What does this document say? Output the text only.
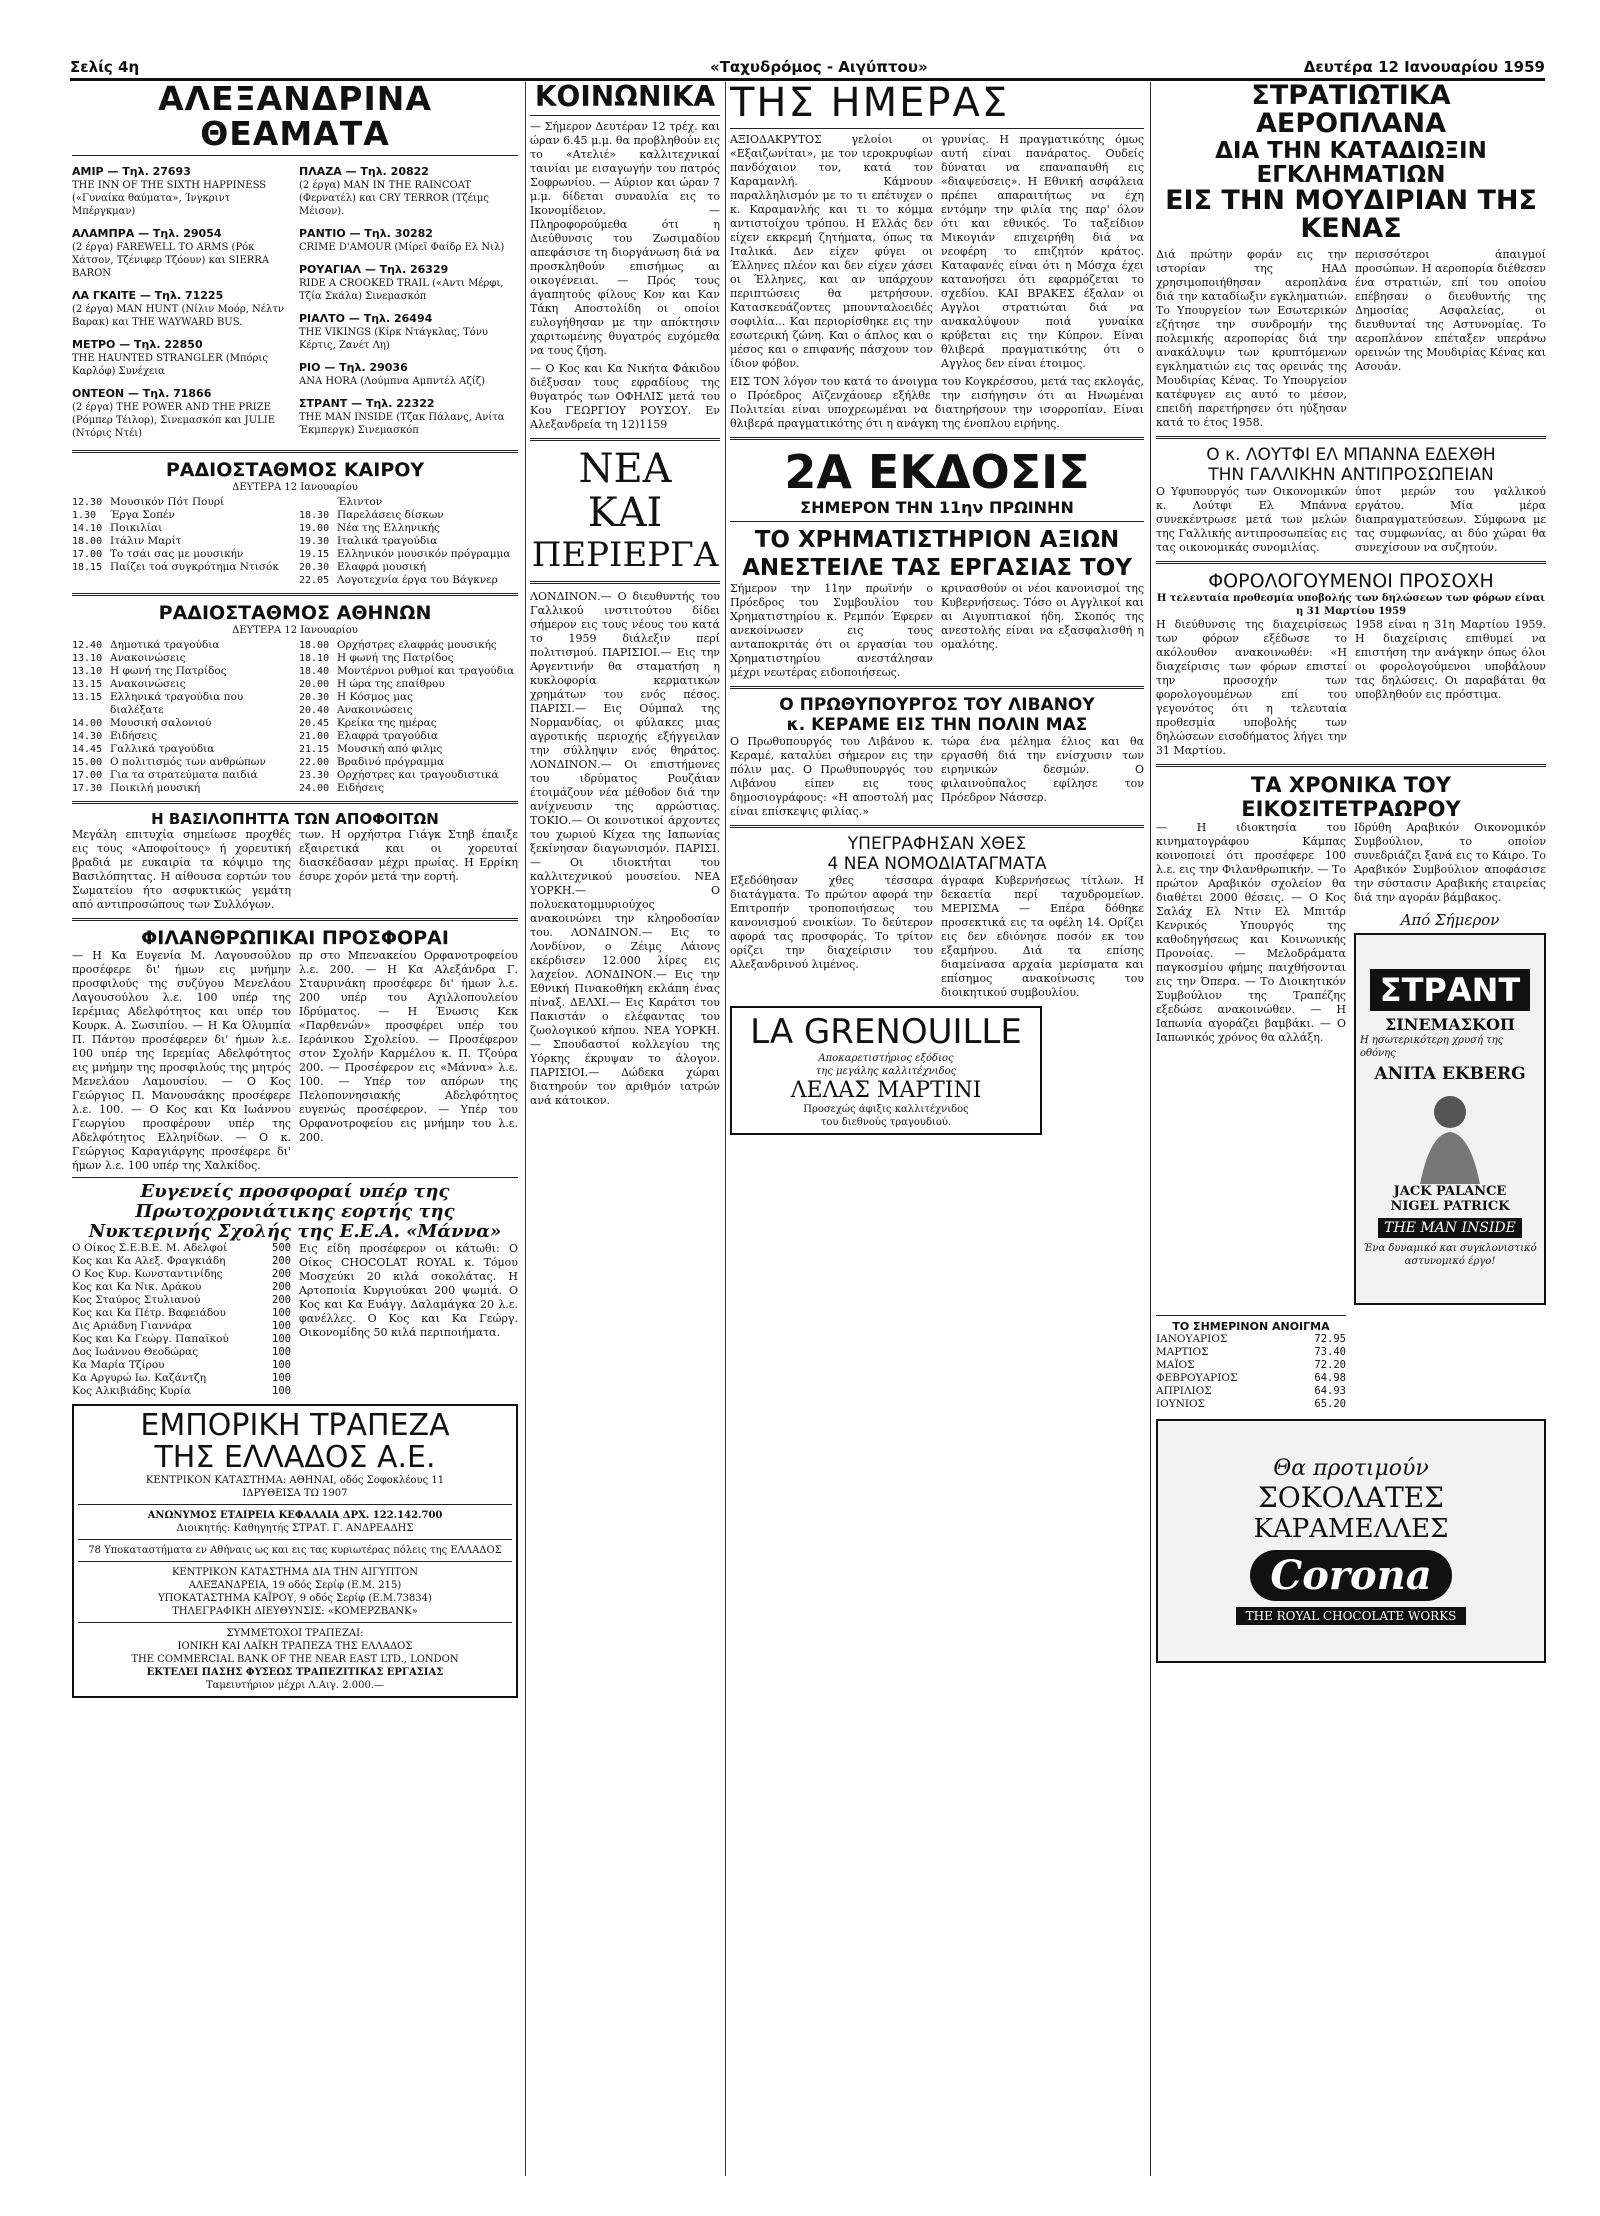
Σελίς 4η	«Ταχυδρόμος - Αιγύπτου»	Δευτέρα 12 Ιανουαρίου 1959
ΑΛΕΞΑΝΔΡΙΝΑ ΘΕΑΜΑΤΑ
ΑΜΙΡ — Τηλ. 27693
THE INN OF THE SIXTH HAPPINESS («Γυναίκα θαύματα», Ίνγκριντ Μπέργκμαν)
ΑΛΑΜΠΡΑ — Τηλ. 29054
(2 έργα) FAREWELL TO ARMS (Ρόκ Χάτσον, Τζένιφερ Τζόουν) και SIERRA BARON
ΛΑ ΓΚΑΙΤΕ — Τηλ. 71225
(2 έργα) MAN HUNT (Νίλιν Μοόρ, Νέλτν Βαρακ) και THE WAYWARD BUS.
ΜΕΤΡΟ — Τηλ. 22850
THE HAUNTED STRANGLER (Μπόρις Καρλόφ) Συνέχεια
ΟΝΤΕΟΝ — Τηλ. 71866
(2 έργα) THE POWER AND THE PRIZE (Ρόμπερ Τέιλορ), Σινεμασκόπ και JULIE (Ντόρις Ντέι)
ΠΛΑΖΑ — Τηλ. 20822
(2 έργα) MAN IN THE RAINCOAT (Φερνατέλ) και CRY TERROR (Τζέιμς Μέισον).
ΡΑΝΤΙΟ — Τηλ. 30282
CRIME D'AMOUR (Μίρεϊ Φαίδρ Ελ Νιλ)
ΡΟΥΑΓΙΑΛ — Τηλ. 26329
RIDE A CROOKED TRAIL («Αντι Μέρφι, Τζία Σκάλα) Σινεμασκόπ
ΡΙΑΛΤΟ — Τηλ. 26494
THE VIKINGS (Κίρκ Ντάγκλας, Τόνυ Κέρτις, Ζανέτ Λη)
ΡΙΟ — Τηλ. 29036
ANA HORA (Λούμπνα Αμπντέλ Αζίζ)
ΣΤΡΑΝΤ — Τηλ. 22322
THE MAN INSIDE (Τζακ Πάλανς, Ανίτα Έκμπεργκ) Σινεμασκόπ
ΡΑΔΙΟΣΤΑΘΜΟΣ ΚΑΙΡΟΥ
ΔΕΥΤΕΡΑ 12 Ιανουαρίου
12.30 Μουσικόν Πότ Πουρί
1.30	Έργα Σοπέν
14.10 Ποικιλίαι
18.00 Ιτάλιν Μαρίτ
17.00 Το τσάι σας με μουσικήν
18.15 Παίζει τοά συγκρότημα Ντισόκ
Έλιντον
18.30 Παρελάσεις δίσκων
19.00 Νέα της Ελληνικής
19.30 Ιταλικά τραγούδια
19.15 Ελληνικόν μουσικόν πρόγραμμα
20.30 Ελαφρά μουσική
22.05 Λογοτεχνία έργα του Βάγκνερ
ΡΑΔΙΟΣΤΑΘΜΟΣ ΑΘΗΝΩΝ
ΔΕΥΤΕΡΑ 12 Ιανουαρίου
12.40 Δημοτικά τραγούδια
13.10 Ανακοινώσεις
13.10 Η φωνή της Πατρίδος
13.15 Ανακοινώσεις
13.15 Ελληνικά τραγούδια που διαλέξατε
14.00 Μουσική σαλονιού
14.30 Ειδήσεις
14.45 Γαλλικά τραγούδια
15.00 Ο πολιτισμός των ανθρώπων
17.00 Για τα στρατεύματα παιδιά
17.30 Ποικιλή μουσική
18.00 Ορχήστρες ελαφράς μουσικής
18.10 Η φωνή της Πατρίδος
18.40 Μοντέρνοι ρυθμοί και τραγούδια
20.00 Η ώρα της επαίθρου
20.30 Η Κόσμος μας
20.40 Ανακοινώσεις
20.45 Κρείκα της ημέρας
21.00 Ελαφρά τραγούδια
21.15 Μουσική από φιλμς
22.00 Βραδινό πρόγραμμα
23.30 Ορχήστρες και τραγουδιστικά
24.00 Ειδήσεις
Η ΒΑΣΙΛΟΠΗΤΤΑ ΤΩΝ ΑΠΟΦΟΙΤΩΝ

Μεγάλη επιτυχία σημείωσε προχθές εις τους «Αποφοίτους» ή χορευτική βραδιά με ευκαιρία τα κόψιμο της Βασιλόπηττας. Η αίθουσα εορτών του Σωματείου ήτο ασφυκτικώς γεμάτη από αντιπροσώπους των Συλλόγων.

των. Η ορχήστρα Γιάγκ Στηβ έπαιξε εξαιρετικά και οι χορευταί διασκέδασαν μέχρι πρωίας. Η Ερρίκη έσυρε χορόν μετά την εορτή.

ΦΙΛΑΝΘΡΩΠΙΚΑΙ ΠΡΟΣΦΟΡΑΙ

— Η Κα Ευγενία Μ. Λαγουσούλου προσέφερε δι' ήμων εις μνήμην προσφιλούς της συζύγου Μενελάου Λαγουσούλου λ.ε. 100 υπέρ της Ιερέμιας Αδελφότητος και υπέρ του Κουρκ. Α. Σωσιπίου. — Η Κα Όλυμπία Π. Πάντου προσέφερεν δι' ήμων λ.ε. 100 υπέρ της Ιερεμίας Αδελφότητος εις μνήμην της προσφιλούς της μητρός Μενελάου Λαμουσίου. — Ο Κος Γεώργιος Π. Μανουσάκης προσέφερε λ.ε. 100. — Ο Κος και Κα Ιωάννου Γεωργίου προσφέρουν υπέρ της Αδελφότητος Ελληνίδων. — Ο κ. Γεώργιος Καραγιάργης προσέφερε δι' ήμων λ.ε. 100 υπέρ της Χαλκίδος.

πρ στο Μπενακείου Ορφανοτροφείου λ.ε. 200. — Η Κα Αλεξάνδρα Γ. Σταυρινάκη προσέφερε δι' ήμων λ.ε. 200 υπέρ του Αχιλλοπουλείου Ιδρύματος. — Η Ένωσις Κεκ «Παρθενών» προσφέρει υπέρ του Ιεράνικου Σχολείου. — Προσέφερον στον Σχολήν Καρμέλου κ. Π. Τζούρα 200. — Προσέφερον εις «Μάννα» λ.ε. 100. — Υπέρ τον απόρων της Πελοποννησιακής Αδελφότητος ευγενώς προσέφερον. — Υπέρ του Ορφανοτροφείου εις μνήμην του λ.ε. 200.

Ευγενείς προσφοραί υπέρ της Πρωτοχρονιάτικης εορτής της Νυκτερινής Σχολής της Ε.Ε.Α. «Μάννα»
Ο Οίκος Σ.Ε.Β.Ε. Μ. Αδελφοί	500
Κος και Κα Αλεξ. Φραγκιάδη	200
Ο Κος Κυρ. Κωνσταντινίδης	200
Κος και Κα Νικ. Δράκου	200
Κος Σταύρος Στυλιανού	200
Κος και Κα Πέτρ. Βαφειάδου	100
Δις Αριάδνη Γιαννάρα	100
Κος και Κα Γεώργ. Παπαϊκού	100
Δος Ιωάννου Θεοδώρας	100
Κα Μαρία Τζίρου	100
Κα Αργυρώ Ιω. Καζάντζη	100
Κος Αλκιβιάδης Κυρία	100

Εις είδη προσέφερον οι κάτωθι: Ο Οίκος CHOCOLAT ROYAL κ. Τόμου Μοσχεύκι 20 κιλά σοκολάτας. Η Αρτοποιία Κυργιούκαι 200 ψωμιά. Ο Κος και Κα Ευάγγ. Δαλαμάγκα 20 λ.ε. φανέλλες. Ο Κος και Κα Γεώργ. Οικονομίδης 50 κιλά περιποιήματα.

ΕΜΠΟΡΙΚΗ ΤΡΑΠΕΖΑ
ΤΗΣ ΕΛΛΑΔΟΣ Α.Ε.
ΚΕΝΤΡΙΚΟΝ ΚΑΤΑΣΤΗΜΑ: ΑΘΗΝΑΙ, οδός Σοφοκλέους 11
ΙΔΡΥΘΕΙΣΑ ΤΩ 1907
ΑΝΩΝΥΜΟΣ ΕΤΑΙΡΕΙΑ ΚΕΦΑΛΑΙΑ ΔΡΧ. 122.142.700
Διοικητής: Καθηγητής ΣΤΡΑΤ. Γ. ΑΝΔΡΕΑΔΗΣ
78 Υποκαταστήματα εν Αθήναις ως και εις τας κυριωτέρας πόλεις της ΕΛΛΑΔΟΣ
ΚΕΝΤΡΙΚΟΝ ΚΑΤΑΣΤΗΜΑ ΔΙΑ ΤΗΝ ΑΙΓΥΠΤΟΝ
ΑΛΕΞΑΝΔΡΕΙΑ, 19 οδός Σερίφ (Ε.Μ. 215)
ΥΠΟΚΑΤΑΣΤΗΜΑ ΚΑΪΡΟΥ, 9 οδός Σερίφ (Ε.Μ.73834)
ΤΗΛΕΓΡΑΦΙΚΗ ΔΙΕΥΘΥΝΣΙΣ: «ΚΟΜΕΡΖΒΑΝΚ»
ΣΥΜΜΕΤΟΧΟΙ ΤΡΑΠΕΖΑΙ:
ΙΟΝΙΚΗ ΚΑΙ ΛΑΪΚΗ ΤΡΑΠΕΖΑ ΤΗΣ ΕΛΛΑΔΟΣ
THE COMMERCIAL BANK OF THE NEAR EAST LTD., LONDON
ΕΚΤΕΛΕΙ ΠΑΣΗΣ ΦΥΣΕΩΣ ΤΡΑΠΕΖΙΤΙΚΑΣ ΕΡΓΑΣΙΑΣ
Ταμειυτήριον μέχρι Λ.Αιγ. 2.000.—
ΚΟΙΝΩΝΙΚΑ

— Σήμερον Δευτέραν 12 τρέχ. και ώραν 6.45 μ.μ. θα προβληθούν εις το «Ατελιέ» καλλιτεχνικαί ταινίαι με εισαγωγήν του πατρός Σοφρωνίου. — Αύριον και ώραν 7 μ.μ. δίδεται συναυλία εις το Ικονομίδειον. — Πληροφορούμεθα ότι η Διεύθυνσις του Ζωσιμαδίου απεφάσισε τη διοργάνωση διά να προσκληθούν επισήμως αι οικογένειαι. — Πρός τους άγαπητούς φίλους Κον και Καν Τάκη Αποστολίδη οι οποίοι ευλογήθησαν με την απόκτησιν χαριτωμένης θυγατρός ευχόμεθα να τους ζήση.

— Ο Κος και Κα Νικήτα Φάκιδου διέξυσαν τους εφραδίους της θυγατρός των ΟΦΗΛΙΣ μετά του Κου ΓΕΩΡΓΙΟΥ ΡΟΥΣΟΥ. Εν Αλεξανδρεία τη 12)1159

ΝΕΑ
ΚΑΙ
ΠΕΡΙΕΡΓΑ

ΛΟΝΔΙΝΟΝ.— Ο διευθυντής του Γαλλικού ινστιτούτου δίδει σήμερον εις τους νέους του κατά το 1959 διάλεξιν περί πολιτισμού. ΠΑΡΙΣΙΟΙ.— Εις την Αργεντινήν θα σταματήση η κυκλοφορία κερματικών χρημάτων του ενός πέσος. ΠΑΡΙΣΙ.— Εις Ούμπαλ της Νορμανδίας, οι φύλακες μιας αγροτικής περιοχής εξήγγειλαν την σύλληψιν ενός θηράτος. ΛΟΝΔΙΝΟΝ.— Οι επιστήμονες του ιδρύματος Ρουζάιαν έτοιμάζουν νέα μέθοδον διά την ανίχνευσιν της αρρώστιας. ΤΟΚΙΟ.— Οι κοινοτικοί άρχοντες του χωριού Κίχεα της Ιαπωνίας ξεκίνησαν διαγωνισμόν. ΠΑΡΙΣΙ.— Οι ιδιοκτήται του καλλιτεχνικού μουσείου. ΝΕΑ ΥΟΡΚΗ.— Ο πολυεκατομμυριούχος ανακοινώνει την κληροδοσίαν του. ΛΟΝΔΙΝΟΝ.— Εις το Λονδίνον, ο Ζέιμς Λάιονς εκέρδισεν 12.000 λίρες εις λαχείον. ΛΟΝΔΙΝΟΝ.— Εις την Εθνική Πινακοθήκη εκλάπη ένας πίναξ. ΔΕΛΧΙ.— Εις Καράτσι του Πακιστάν ο ελέφαντας του ζωολογικού κήπου. ΝΕΑ ΥΟΡΚΗ.— Σπουδαστοί κολλεγίου της Υόρκης έκρυψαν το άλογον. ΠΑΡΙΣΙΟΙ.— Δώδεκα χώραι διατηρούν τον αριθμόν ιατρών ανά κάτοικον.

ΤΗΣ ΗΜΕΡΑΣ

ΑΞΙΟΔΑΚΡΥΤΟΣ γελοίοι οι «Εξαιζωνίται», με τον ιεροκρυφίων πανδόχαιον τον, κατά τον Καραμανλή. Κάμνουν παραλληλισμόν με το τι επέτυχεν ο κ. Καραμανλής και τι το κόμμα αντιστοίχου τρόπου. Η Ελλάς δεν είχεν εκκρεμή ζητήματα, όπως τα Ιταλικά. Δεν είχεν φύγει οι Έλληνες πλέον και δεν είχεν χάσει οι Έλληνες, και αν υπάρχουν περιπτώσεις θα μετρήσουν. Κατασκευάζοντες μπουνταλοειδές σοφιλία... Και περιορίσθηκε εις την εσωτερική ζώνη. Και ο άπλος και ο μέσος και ο επιφανής πάσχουν τον ίδιον φόβον.

γρυνίας. Η πραγματικότης όμως αυτή είναι πανάρατος. Ουδείς δύναται να επαναπαυθή εις «διαψεύσεις». Η Εθνική ασφάλεια πρέπει απαραιτήτως να έχη εντόμην την φιλία της παρ' όλον ότι και εθνικός. Το ταξείδιον Μικογιάν επιχειρήθη διά να νεοφέρη το επιζητόν κράτος. Καταφανές είναι ότι η Μόσχα έχει κατανοήσει ότι εφαρμόζεται το σχεδίου. ΚΑΙ ΒΡΑΚΕΣ έξαλαν οι Αγγλοι στρατιώται διά να ανακαλύψουν ποιά γυναίκα κρύβεται εις την Κύπρον. Είναι θλιβερά πραγματικότης ότι ο Αγγλος δεν είναι έτοιμος.

ΕΙΣ ΤΟΝ λόγον του κατά το άνοιγμα του Κογκρέσσου, μετά τας εκλογάς, ο Πρόεδρος Αϊζενχάουερ εξήλθε την εισήγησιν ότι αι Ηνωμέναι Πολιτείαι είναι υποχρεωμέναι να διατηρήσουν την ισορροπίαν. Είναι θλιβερά πραγματικότης ότι η ανάγκη της ένοπλου ειρήνης.

2Α ΕΚΔΟΣΙΣ
ΣΗΜΕΡΟΝ ΤΗΝ 11ην ΠΡΩΙΝΗΝ
ΤΟ ΧΡΗΜΑΤΙΣΤΗΡΙΟΝ ΑΞΙΩΝ
ΑΝΕΣΤΕΙΛΕ ΤΑΣ ΕΡΓΑΣΙΑΣ ΤΟΥ

Σήμερον την 11ην πρωϊνήν ο Πρόεδρος του Συμβουλίου του Χρηματιστηρίου κ. Ρεμπόν Έφερεν ανεκοίνωσεν εις τους ανταποκριτάς ότι οι εργασίαι του Χρηματιστηρίου ανεστάλησαν μέχρι νεωτέρας ειδοποιήσεως.

κρινασθούν οι νέοι κανονισμοί της Κυβερνήσεως. Τόσο οι Αγγλικοί και αι Αιγυπτιακοί ήδη. Σκοπός της ανεστολής είναι να εξασφαλισθή η ομαλότης.

Ο ΠΡΩΘΥΠΟΥΡΓΟΣ ΤΟΥ ΛΙΒΑΝΟΥ
κ. ΚΕΡΑΜΕ ΕΙΣ ΤΗΝ ΠΟΛΙΝ ΜΑΣ

Ο Πρωθυπουργός του Λιβάνου κ. Κεραμέ, καταλύει σήμερον εις την πόλιν μας. Ο Πρωθυπουργός του Λιβάνου είπεν εις τους δημοσιογράφους: «Η αποστολή μας είναι επίσκεψις φιλίας.»

τώρα ένα μέλημα έλιος και θα εργασθή διά την ενίσχυσιν των ειρηνικών δεσμών. Ο φιλαινούπαλος εφίλησε τον Πρόεδρον Νάσσερ.

ΥΠΕΓΡΑΦΗΣΑΝ ΧΘΕΣ
4 ΝΕΑ ΝΟΜΟΔΙΑΤΑΓΜΑΤΑ

Εξεδόθησαν χθες τέσσαρα διατάγματα. Το πρώτον αφορά την Επιτροπήν τροποποιήσεως του κανονισμού ενοικίων. Το δεύτερον αφορά τας προσφοράς. Το τρίτον ορίζει την διαχείρισιν του Αλεξανδρινού λιμένος.

άγραφα Κυβερνήσεως τίτλων. Η δεκαετία περί ταχυδρομείων. ΜΕΡΙΣΜΑ — Επέρα δόθηκε προσεκτικά εις τα οφέλη 14. Ορίζει εις δεν εδιόνησε ποσόν εκ του εξαμήνου. Διά τα επίσης διαμείνασα αρχαία μερίσματα και επίσημος ανακοίνωσις του διοικητικού συμβουλίου.

LA GRENOUILLE
Αποκαρετιστήριος εξόδιος
της μεγάλης καλλιτέχνιδος
ΛΕΛΑΣ ΜΑΡΤΙΝΙ
Προσεχώς άφιξις καλλιτέχνιδος
του διεθνούς τραγουδιού.
ΣΤΡΑΤΙΩΤΙΚΑ ΑΕΡΟΠΛΑΝΑ
ΔΙΑ ΤΗΝ ΚΑΤΑΔΙΩΞΙΝ ΕΓΚΛΗΜΑΤΙΩΝ
ΕΙΣ ΤΗΝ ΜΟΥΔΙΡΙΑΝ ΤΗΣ ΚΕΝΑΣ

Διά πρώτην φοράν εις την ιστορίαν της ΗΑΔ χρησιμοποιήθησαν αεροπλάνα διά την καταδίωξιν εγκληματιών. Το Υπουργείον των Εσωτερικών εζήτησε την συνδρομήν της πολεμικής αεροπορίας διά την ανακάλυψιν των κρυπτόμενων εγκληματιών εις τας ορεινάς της Μουδιρίας Κένας. Το Υπουργείον κατέφυγεν εις αυτό το μέσον, επειδή παρετήρησεν ότι ηύξησαν κατά το έτος 1958.

περισσότεροι άπαιγμοί προσώπων. Η αεροπορία διέθεσεν ένα στρατιών, επί του οποίου επέβησαν ο διευθυντής της Δημοσίας Ασφαλείας, οι διευθυνταί της Αστυνομίας. Το αεροπλάνον επέταξεν υπεράνω ορεινών της Μουδιρίας Κένας και Ασουάν.

Ο κ. ΛΟΥΤΦΙ ΕΛ ΜΠΑΝΝΑ ΕΔΕΧΘΗ
ΤΗΝ ΓΑΛΛΙΚΗΝ ΑΝΤΙΠΡΟΣΩΠΕΙΑΝ

Ο Υφυπουργός των Οικονομικών κ. Λούτφι Ελ Μπάννα συνεκέντρωσε μετά των μελών της Γαλλικής αντιπροσωπείας εις τας οικονομικάς συνομιλίας.

ύποτ μερών του γαλλικού εργάτου. Μία μέρα διαπραγματεύσεων. Σύμφωνα με τας συμφωνίας, αι δύο χώραι θα συνεχίσουν να συζητούν.

ΦΟΡΟΛΟΓΟΥΜΕΝΟΙ ΠΡΟΣΟΧΗ
Η τελευταία προθεσμία υποβολής των δηλώσεων των φόρων είναι η 31 Μαρτίου 1959

Η διεύθυνσις της διαχειρίσεως των φόρων εξέδωσε το ακόλουθον ανακοινωθέν: «Η διαχείρισις των φόρων επιστεί την προσοχήν των φορολογουμένων επί του γεγονότος ότι η τελευταία προθεσμία υποβολής των δηλώσεων εισοδήματος λήγει την 31 Μαρτίου.

1958 είναι η 31η Μαρτίου 1959. Η διαχείρισις επιθυμεί να επιστήση την ανάγκην όπως όλοι οι φορολογούμενοι υποβάλουν τας δηλώσεις. Οι παραβάται θα υποβληθούν εις πρόστιμα.

ΤΑ ΧΡΟΝΙΚΑ ΤΟΥ ΕΙΚΟΣΙΤΕΤΡΑΩΡΟΥ

— Η ιδιοκτησία του κινηματογράφου Κάμπας κοινοποιεί ότι προσέφερε 100 λ.ε. εις την Φιλανθρωπικήν. — Το πρώτον Αραβικόν σχολείον θα διαθέτει 2000 θέσεις. — Ο Κος Σαλάχ Ελ Ντιν Ελ Μπιτάρ Κενρικός Υπουργός της καθοδηγήσεως και Κοινωνικής Προνοίας. — Μελοδράματα παγκοσμίου φήμης παιχθήσονται εις την Όπερα. — Το Διοικητικόν Συμβούλιον της Τραπέζης εξεδώσε ανακοινώθεν. — Η Ιαπωνία αγοράζει βαμβάκι. — Ο Ιαπωνικός χρόνος θα αλλάξη.

Ιδρύθη Αραβικόν Οικονομικόν Συμβούλιον, το οποίον συνεδριάζει ξανά εις το Κάιρο. Το Αραβικόν Συμβούλιον αποφάσισε την σύστασιν Αραβικής εταιρείας διά την αγοράν βάμβακος.

Από Σήμερον
ΣΤΡΑΝΤ
ΣΙΝΕΜΑΣΚΟΠ
Η ησωτερικότερη χρυσή της οθόνης
ANITA EKBERG
JACK PALANCE
NIGEL PATRICK
THE MAN INSIDE
Ένα δυναμικό και συγκλονιστικό αστυνομικό έργο!
ΤΟ ΣΗΜΕΡΙΝΟΝ ΑΝΟΙΓΜΑ
ΙΑΝΟΥΑΡΙΟΣ	72.95
ΜΑΡΤΙΟΣ	73.40
ΜΑΪΟΣ	72.20
ΦΕΒΡΟΥΑΡΙΟΣ	64.98
ΑΠΡΙΛΙΟΣ	64.93
ΙΟΥΝΙΟΣ	65.20
Θα προτιμούν
ΣΟΚΟΛΑΤΕΣ
ΚΑΡΑΜΕΛΛΕΣ
Corona
THE ROYAL CHOCOLATE WORKS
